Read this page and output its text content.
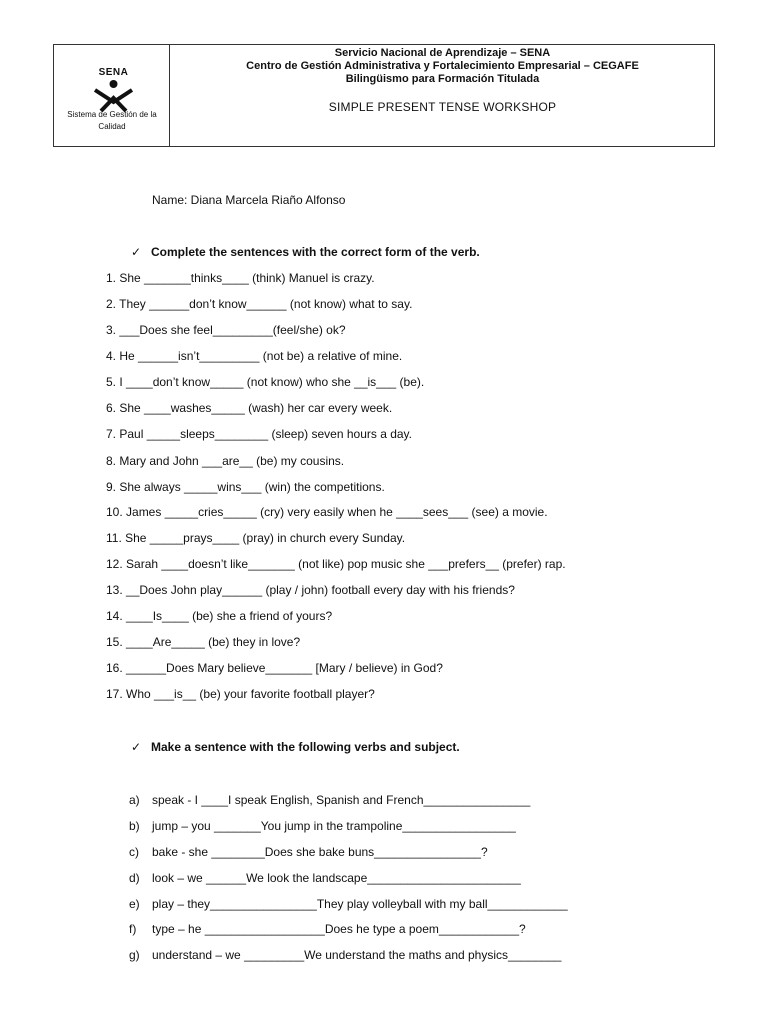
SENA
Sistema de Gestión de la Calidad
Servicio Nacional de Aprendizaje – SENA
Centro de Gestión Administrativa y Fortalecimiento Empresarial – CEGAFE
Bilingüismo para Formación Titulada
SIMPLE PRESENT TENSE WORKSHOP
Name: Diana Marcela Riaño Alfonso
✓ Complete the sentences with the correct form of the verb.
1. She _______thinks____ (think) Manuel is crazy.
2. They ______don’t know______ (not know) what to say.
3. ___Does she feel_________(feel/she) ok?
4. He ______isn’t_________ (not be) a relative of mine.
5. I ____don’t know_____ (not know) who she __is___ (be).
6. She ____washes_____ (wash) her car every week.
7. Paul _____sleeps________ (sleep) seven hours a day.
8. Mary and John ___are__ (be) my cousins.
9. She always _____wins___ (win) the competitions.
10. James _____cries_____ (cry) very easily when he ____sees___ (see) a movie.
11. She _____prays____ (pray) in church every Sunday.
12. Sarah ____doesn’t like_______ (not like) pop music she ___prefers__ (prefer) rap.
13. __Does John play______ (play / john) football every day with his friends?
14. ____Is____ (be) she a friend of yours?
15. ____Are_____ (be) they in love?
16. ______Does Mary believe_______ [Mary / believe) in God?
17. Who ___is__ (be) your favorite football player?
✓ Make a sentence with the following verbs and subject.
a) speak - I ____I speak English, Spanish and French________________
b) jump – you _______You jump in the trampoline_________________
c) bake - she ________Does she bake buns________________?
d) look – we ______We look the landscape_______________________
e) play – they________________They play volleyball with my ball____________
f) type – he __________________Does he type a poem____________?
g) understand – we _________We understand the maths and physics________
